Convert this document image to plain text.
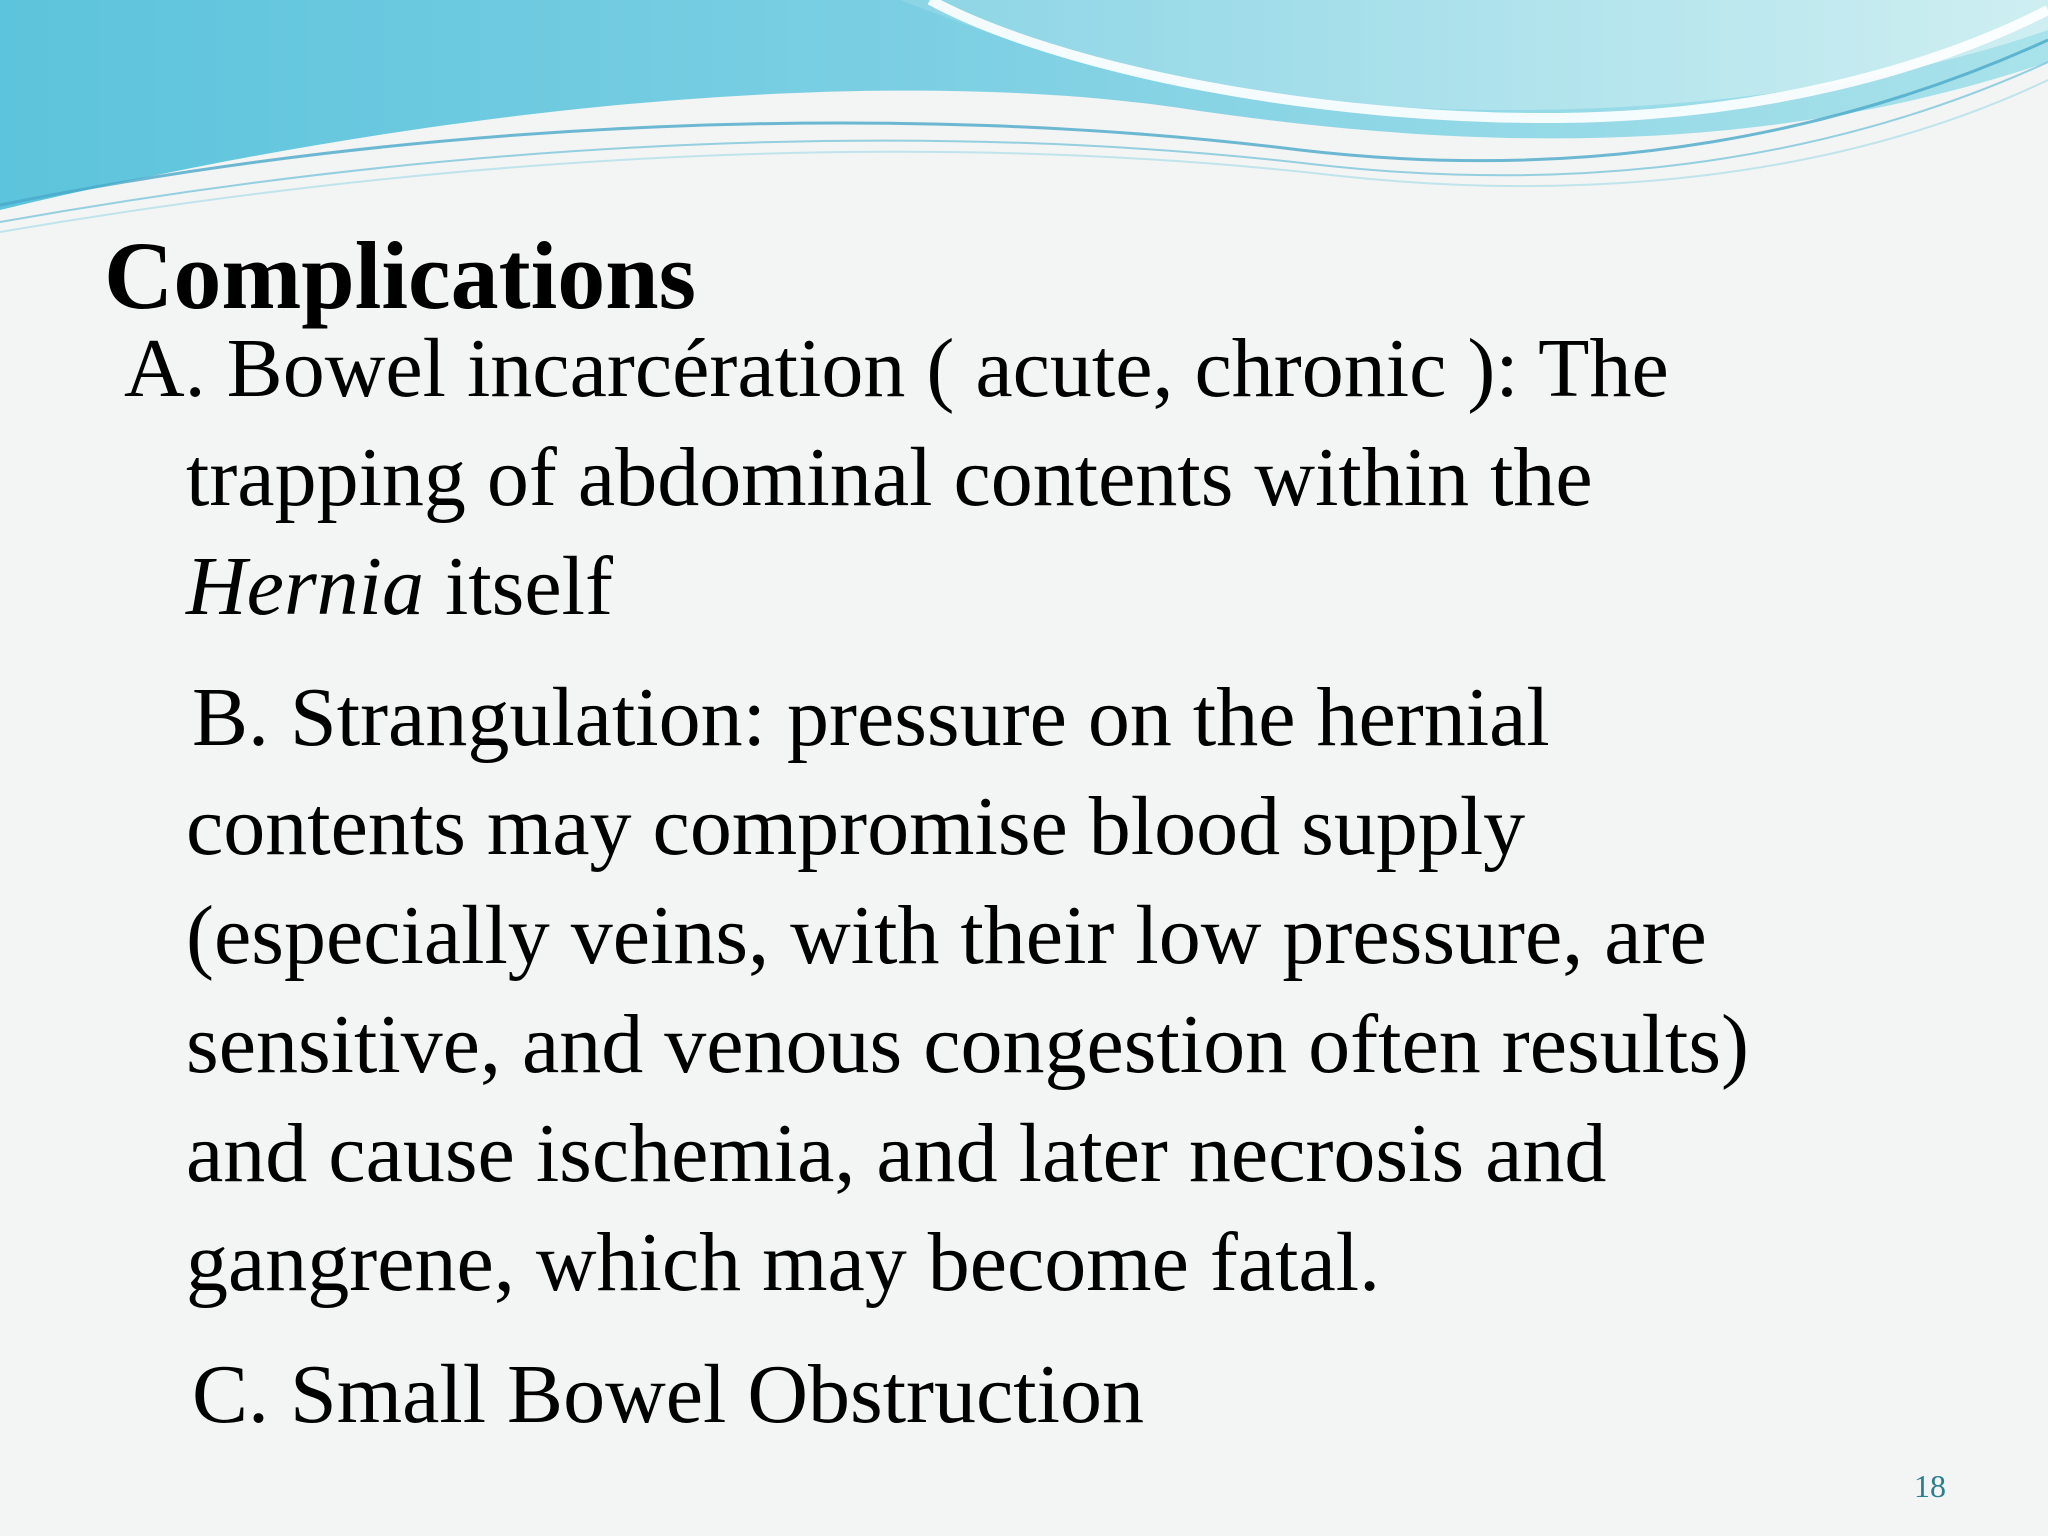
Complications
A. Bowel incarcération ( acute, chronic ): The
trapping of abdominal contents within the
Hernia itself
B. Strangulation: pressure on the hernial
contents may compromise blood supply
(especially veins, with their low pressure, are
sensitive, and venous congestion often results)
and cause ischemia, and later necrosis and
gangrene, which may become fatal.
C. Small Bowel Obstruction
18
